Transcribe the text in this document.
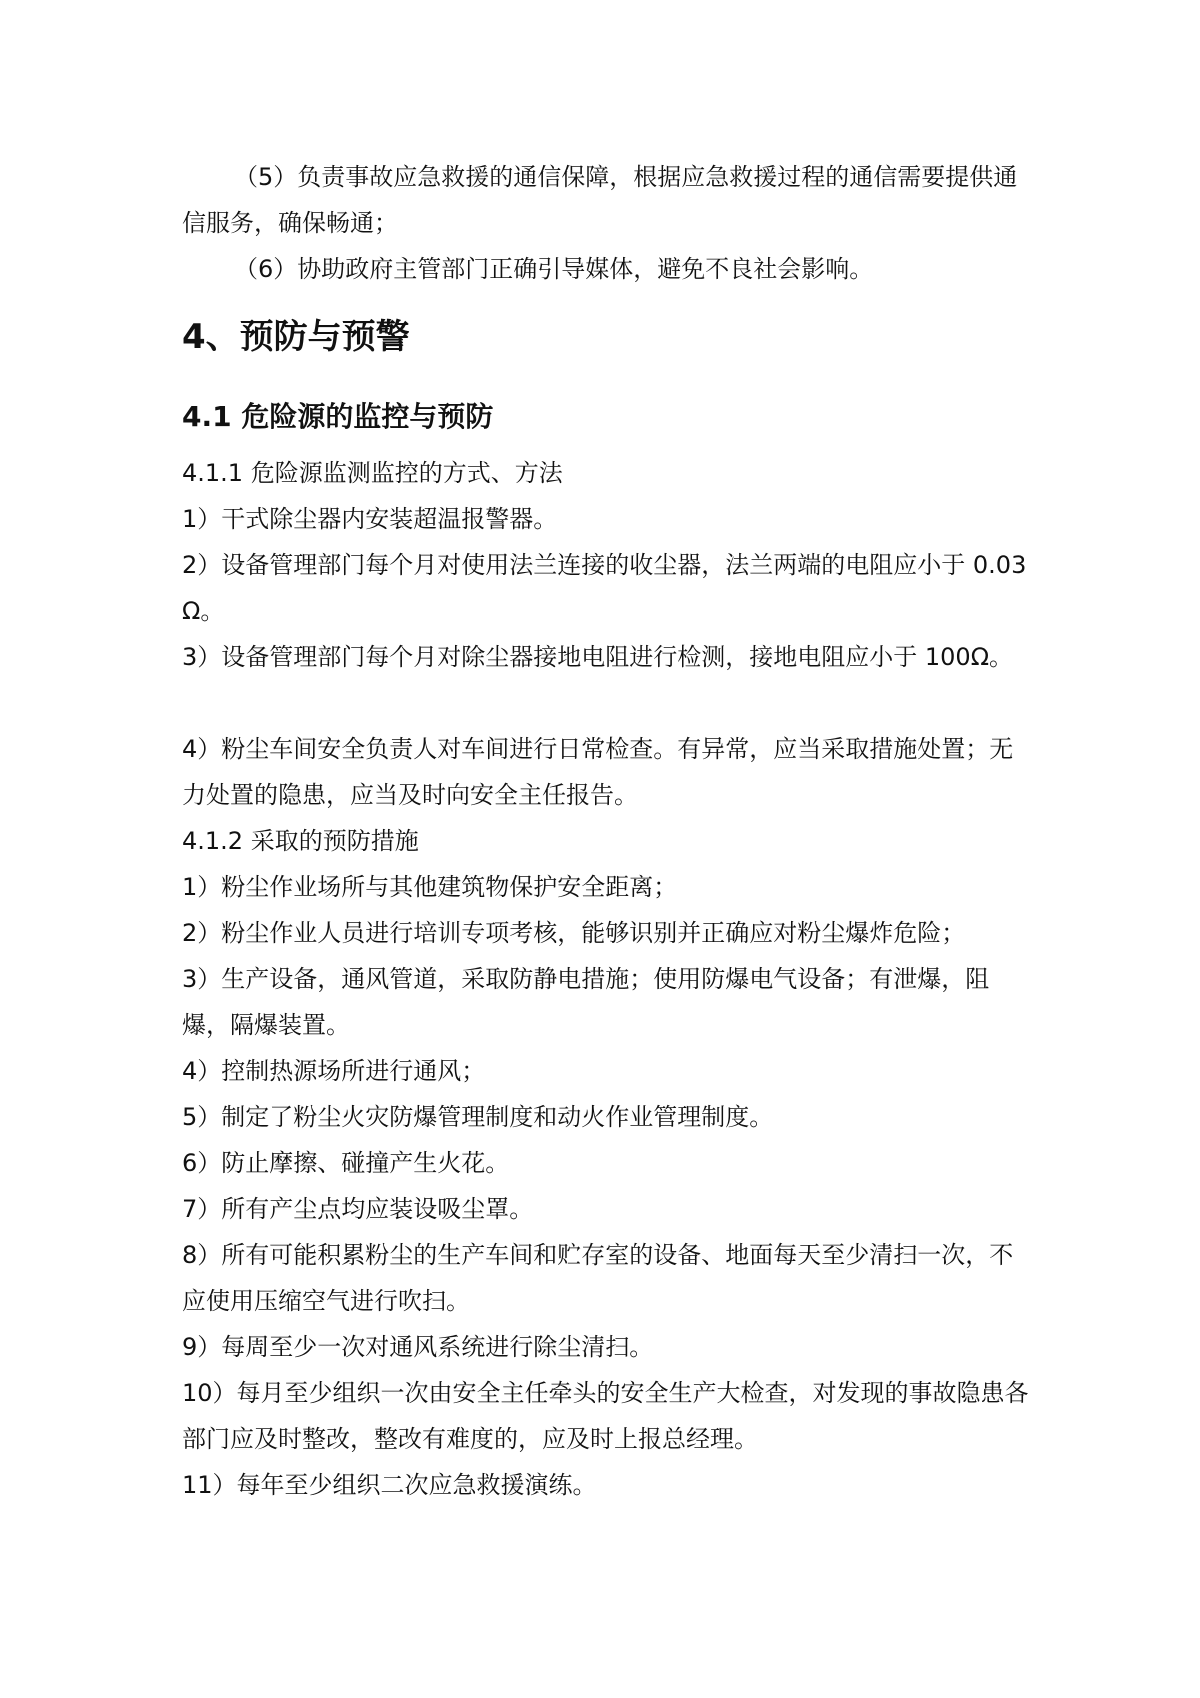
（5）负责事故应急救援的通信保障，根据应急救援过程的通信需要提供通信服务，确保畅通；

（6）协助政府主管部门正确引导媒体，避免不良社会影响。

4、预防与预警

4.1 危险源的监控与预防

4.1.1 危险源监测监控的方式、方法

1）干式除尘器内安装超温报警器。

2）设备管理部门每个月对使用法兰连接的收尘器，法兰两端的电阻应小于 0.03Ω。

3）设备管理部门每个月对除尘器接地电阻进行检测，接地电阻应小于 100Ω。

4）粉尘车间安全负责人对车间进行日常检查。有异常，应当采取措施处置；无力处置的隐患，应当及时向安全主任报告。

4.1.2 采取的预防措施

1）粉尘作业场所与其他建筑物保护安全距离；

2）粉尘作业人员进行培训专项考核，能够识别并正确应对粉尘爆炸危险；

3）生产设备，通风管道，采取防静电措施；使用防爆电气设备；有泄爆，阻爆，隔爆装置。

4）控制热源场所进行通风；

5）制定了粉尘火灾防爆管理制度和动火作业管理制度。

6）防止摩擦、碰撞产生火花。

7）所有产尘点均应装设吸尘罩。

8）所有可能积累粉尘的生产车间和贮存室的设备、地面每天至少清扫一次，不应使用压缩空气进行吹扫。

9）每周至少一次对通风系统进行除尘清扫。

10）每月至少组织一次由安全主任牵头的安全生产大检查，对发现的事故隐患各部门应及时整改，整改有难度的，应及时上报总经理。

11）每年至少组织二次应急救援演练。
